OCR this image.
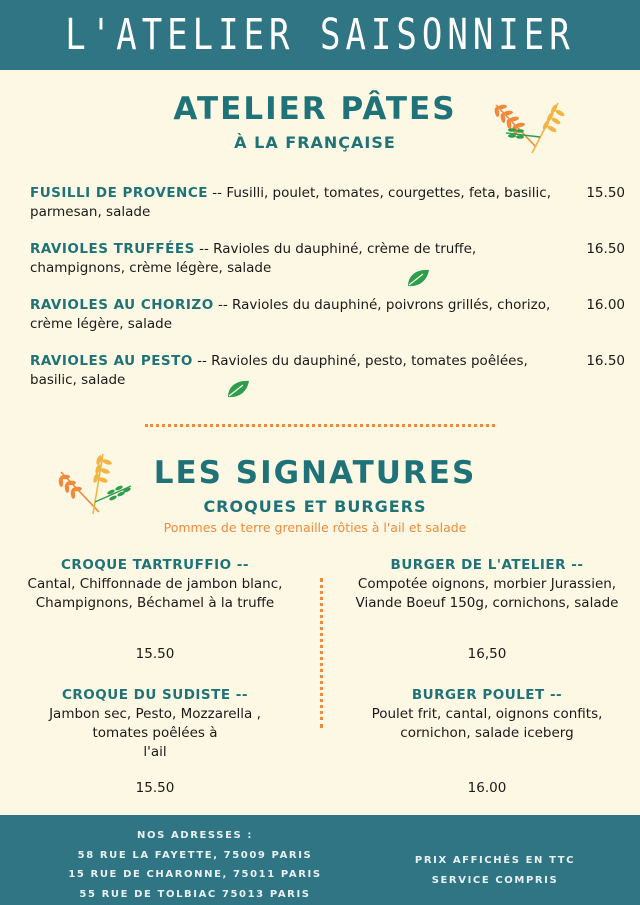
L'ATELIER SAISONNIER
ATELIER PÂTES
À LA FRANÇAISE
FUSILLI DE PROVENCE -- Fusilli, poulet, tomates, courgettes, feta, basilic, parmesan, salade
15.50
RAVIOLES TRUFFÉES -- Ravioles du dauphiné, crème de truffe, champignons, crème légère, salade
16.50
RAVIOLES AU CHORIZO -- Ravioles du dauphiné, poivrons grillés, chorizo, crème légère, salade
16.00
RAVIOLES AU PESTO -- Ravioles du dauphiné, pesto, tomates poêlées, basilic, salade
16.50
LES SIGNATURES
CROQUES ET BURGERS
Pommes de terre grenaille rôties à l'ail et salade
CROQUE TARTRUFFIO --
Cantal, Chiffonnade de jambon blanc, Champignons, Béchamel à la truffe
15.50
BURGER DE L'ATELIER --
Compotée oignons, morbier Jurassien, Viande Boeuf 150g, cornichons, salade
16,50
CROQUE DU SUDISTE --
Jambon sec, Pesto, Mozzarella ,
tomates poêlées à
l'ail
15.50
BURGER POULET --
Poulet frit, cantal, oignons confits, cornichon, salade iceberg
16.00
NOS ADRESSES :
58 RUE LA FAYETTE, 75009 PARIS
15 RUE DE CHARONNE, 75011 PARIS
55 RUE DE TOLBIAC 75013 PARIS
PRIX AFFICHÉS EN TTC
SERVICE COMPRIS
